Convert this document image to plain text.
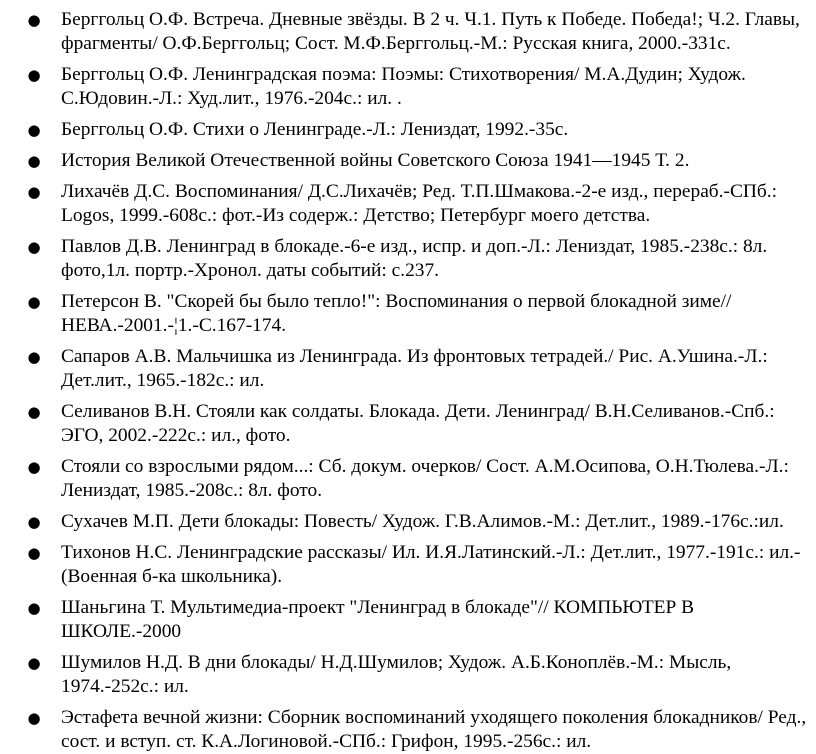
● Берггольц О.Ф. Встреча. Дневные звёзды. В 2 ч. Ч.1. Путь к Победе. Победа!; Ч.2. Главы, фрагменты/ О.Ф.Берггольц; Сост. М.Ф.Берггольц.-М.: Русская книга, 2000.-331с.
● Берггольц О.Ф. Ленинградская поэма: Поэмы: Стихотворения/ М.А.Дудин; Худож. С.Юдовин.-Л.: Худ.лит., 1976.-204с.: ил. .
● Берггольц О.Ф. Стихи о Ленинграде.-Л.: Лениздат, 1992.-35с.
● История Великой Отечественной войны Советского Союза 1941—1945 Т. 2.
● Лихачёв Д.С. Воспоминания/ Д.С.Лихачёв; Ред. Т.П.Шмакова.-2-е изд., перераб.-СПб.: Logos, 1999.-608с.: фот.-Из содерж.: Детство; Петербург моего детства.
● Павлов Д.В. Ленинград в блокаде.-6-е изд., испр. и доп.-Л.: Лениздат, 1985.-238с.: 8л. фото,1л. портр.-Хронол. даты событий: с.237.
● Петерсон В. "Скорей бы было тепло!": Воспоминания о первой блокадной зиме// НЕВА.-2001.-¦1.-С.167-174.
● Сапаров А.В. Мальчишка из Ленинграда. Из фронтовых тетрадей./ Рис. А.Ушина.-Л.: Дет.лит., 1965.-182с.: ил.
● Селиванов В.Н. Стояли как солдаты. Блокада. Дети. Ленинград/ В.Н.Селиванов.-Спб.: ЭГО, 2002.-222с.: ил., фото.
● Стояли со взрослыми рядом...: Сб. докум. очерков/ Сост. А.М.Осипова, О.Н.Тюлева.-Л.: Лениздат, 1985.-208с.: 8л. фото.
● Сухачев М.П. Дети блокады: Повесть/ Худож. Г.В.Алимов.-М.: Дет.лит., 1989.-176с.:ил.
● Тихонов Н.С. Ленинградские рассказы/ Ил. И.Я.Латинский.-Л.: Дет.лит., 1977.-191с.: ил.-(Военная б-ка школьника).
● Шаньгина Т. Мультимедиа-проект "Ленинград в блокаде"// КОМПЬЮТЕР В ШКОЛЕ.-2000
● Шумилов Н.Д. В дни блокады/ Н.Д.Шумилов; Худож. А.Б.Коноплёв.-М.: Мысль, 1974.-252с.: ил.
● Эстафета вечной жизни: Сборник воспоминаний уходящего поколения блокадников/ Ред., сост. и вступ. ст. К.А.Логиновой.-СПб.: Грифон, 1995.-256с.: ил.
